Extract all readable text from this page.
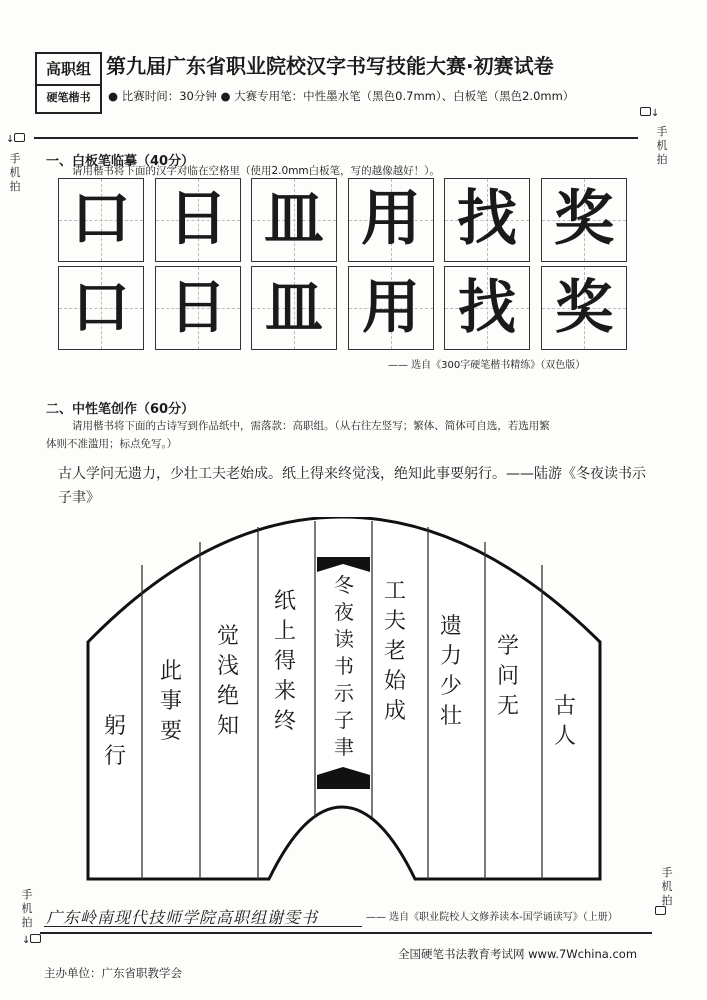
高职组
硬笔楷书
第九届广东省职业院校汉字书写技能大赛·初赛试卷
● 比赛时间：30分钟 ● 大赛专用笔：中性墨水笔（黑色0.7mm）、白板笔（黑色2.0mm）
↓
手机拍
↓
手机拍
手机拍
↓
手机拍
一、白板笔临摹（40分）
请用楷书将下面的汉字对临在空格里（使用2.0mm白板笔，写的越像越好！）。
口 日 皿 用 找 奖
口 日 皿 用 找 奖
—— 选自《300字硬笔楷书精练》（双色版）
二、中性笔创作（60分）
请用楷书将下面的古诗写到作品纸中，需落款：高职组。（从右往左竖写；繁体、简体可自选，若选用繁
体则不准滥用；标点免写。）
古人学问无遗力，少壮工夫老始成。纸上得来终觉浅，绝知此事要躬行。——陆游《冬夜读书示子聿》
古
人
学
问
无
遗
力
少
壮
工
夫
老
始
成
冬
夜
读
书
示
子
聿
纸
上
得
来
终
觉
浅
绝
知
此
事
要
躬
行
广东岭南现代技师学院高职组谢雯书	—— 选自《职业院校人文修养读本-国学诵读写》（上册）
主办单位：广东省职教学会
全国硬笔书法教育考试网 www.7Wchina.com
